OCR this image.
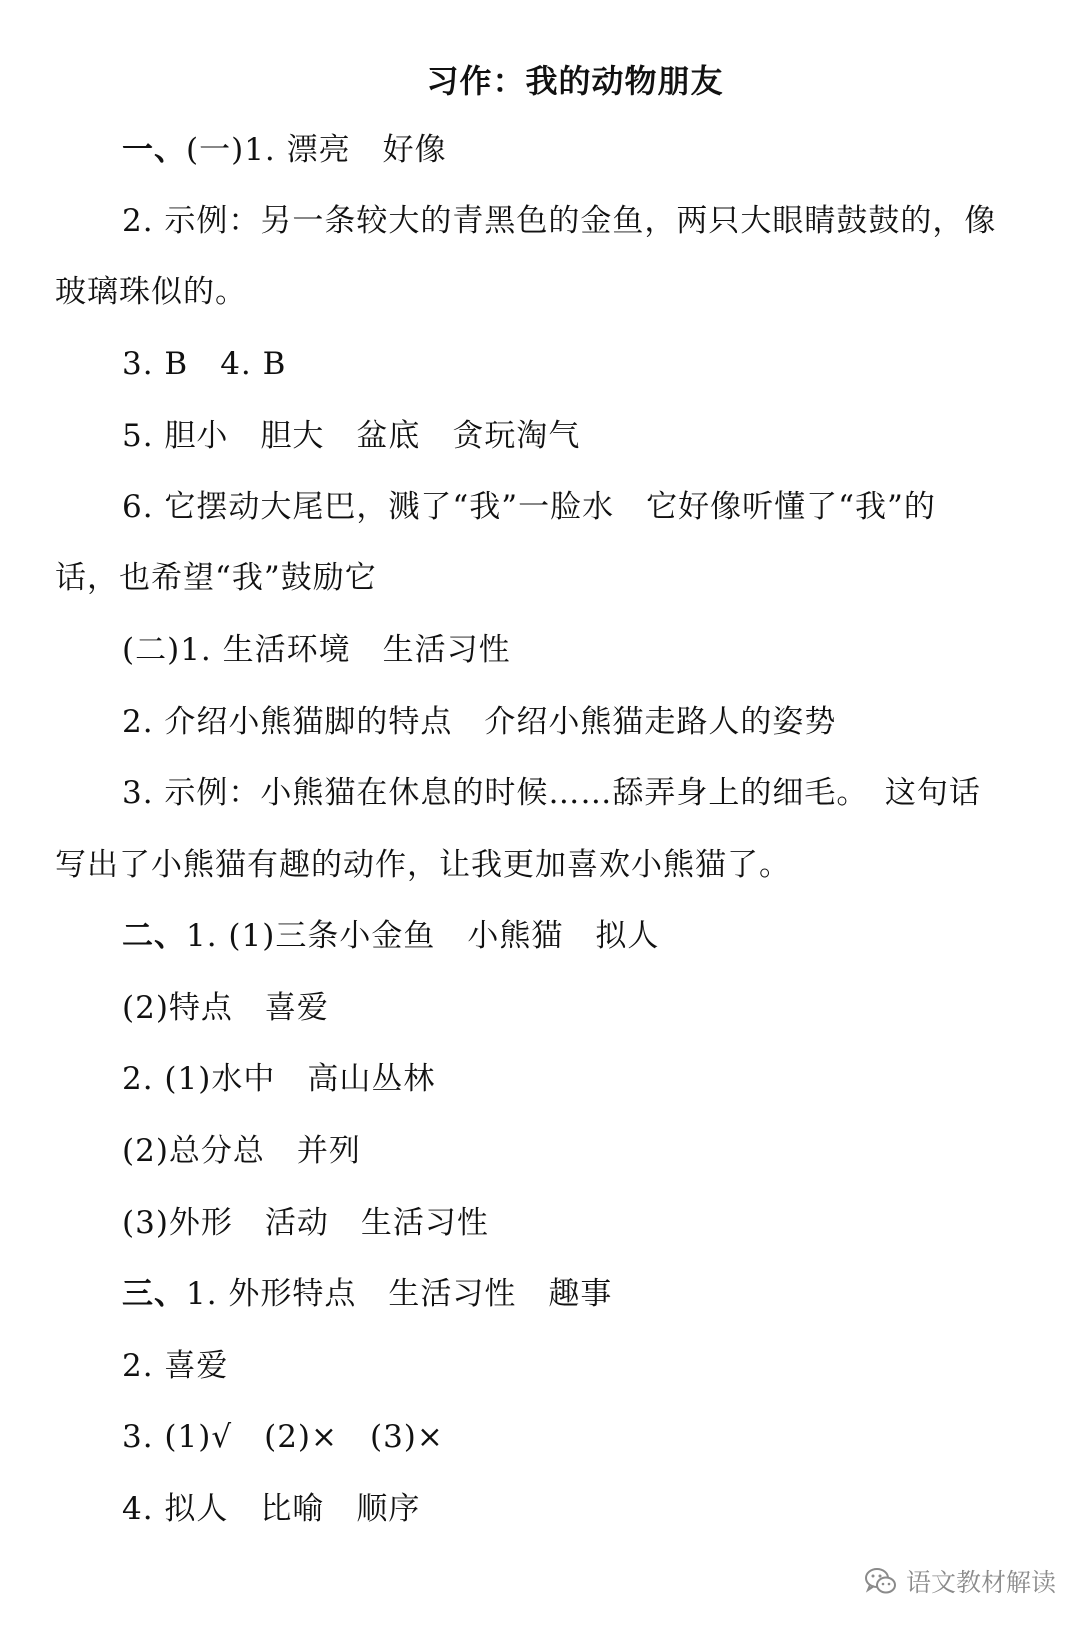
习作：我的动物朋友
一、(一)1. 漂亮　好像
2. 示例：另一条较大的青黑色的金鱼，两只大眼睛鼓鼓的，像
玻璃珠似的。
3. B　4. B
5. 胆小　胆大　盆底　贪玩淘气
6. 它摆动大尾巴，溅了“我”一脸水　它好像听懂了“我”的
话，也希望“我”鼓励它
(二)1. 生活环境　生活习性
2. 介绍小熊猫脚的特点　介绍小熊猫走路人的姿势
3. 示例：小熊猫在休息的时候……舔弄身上的细毛。　这句话
写出了小熊猫有趣的动作，让我更加喜欢小熊猫了。
二、1. (1)三条小金鱼　小熊猫　拟人
(2)特点　喜爱
2. (1)水中　高山丛林
(2)总分总　并列
(3)外形　活动　生活习性
三、1. 外形特点　生活习性　趣事
2. 喜爱
3. (1)√　(2)×　(3)×
4. 拟人　比喻　顺序
语文教材解读
